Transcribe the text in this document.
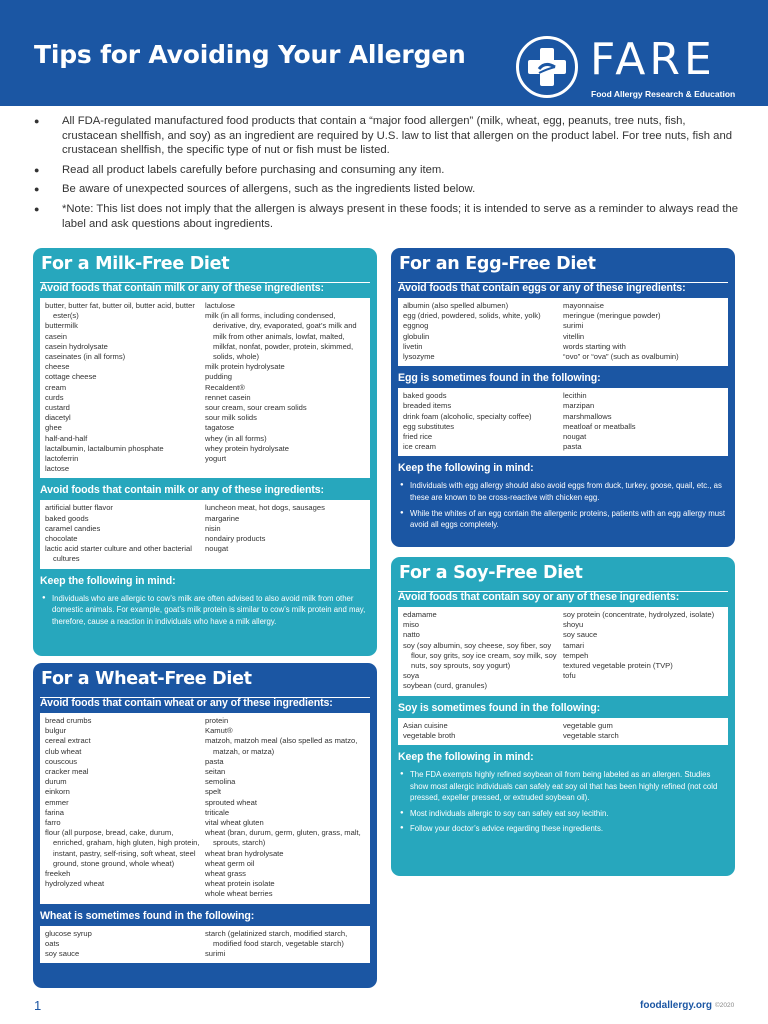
Tips for Avoiding Your Allergen	FARE
Food Allergy Research & Education
● All FDA-regulated manufactured food products that contain a “major food allergen” (milk, wheat, egg, peanuts, tree nuts, fish, crustacean shellfish, and soy) as an ingredient are required by U.S. law to list that allergen on the product label. For tree nuts, fish and crustacean shellfish, the specific type of nut or fish must be listed.
● Read all product labels carefully before purchasing and consuming any item.
● Be aware of unexpected sources of allergens, such as the ingredients listed below.
● *Note: This list does not imply that the allergen is always present in these foods; it is intended to serve as a reminder to always read the label and ask questions about ingredients.
For a Milk-Free Diet
Avoid foods that contain milk or any of these ingredients:
butter, butter fat, butter oil, butter acid, butter ester(s)
buttermilk
casein
casein hydrolysate
caseinates (in all forms)
cheese
cottage cheese
cream
curds
custard
diacetyl
ghee
half-and-half
lactalbumin, lactalbumin phosphate
lactoferrin
lactose
lactulose
milk (in all forms, including condensed, derivative, dry, evaporated, goat’s milk and milk from other animals, lowfat, malted, milkfat, nonfat, powder, protein, skimmed, solids, whole)
milk protein hydrolysate
pudding
Recaldent®
rennet casein
sour cream, sour cream solids
sour milk solids
tagatose
whey (in all forms)
whey protein hydrolysate
yogurt
Avoid foods that contain milk or any of these ingredients:
artificial butter flavor
baked goods
caramel candies
chocolate
lactic acid starter culture and other bacterial cultures
luncheon meat, hot dogs, sausages
margarine
nisin
nondairy products
nougat
Keep the following in mind:
● Individuals who are allergic to cow’s milk are often advised to also avoid milk from other domestic animals. For example, goat’s milk protein is similar to cow’s milk protein and may, therefore, cause a reaction in individuals who have a milk allergy.
For a Wheat-Free Diet
Avoid foods that contain wheat or any of these ingredients:
bread crumbs
bulgur
cereal extract
club wheat
couscous
cracker meal
durum
einkorn
emmer
farina
farro
flour (all purpose, bread, cake, durum, enriched, graham, high gluten, high protein, instant, pastry, self-rising, soft wheat, steel ground, stone ground, whole wheat)
freekeh
hydrolyzed wheat
protein
Kamut®
matzoh, matzoh meal (also spelled as matzo, matzah, or matza)
pasta
seitan
semolina
spelt
sprouted wheat
triticale
vital wheat gluten
wheat (bran, durum, germ, gluten, grass, malt, sprouts, starch)
wheat bran hydrolysate
wheat germ oil
wheat grass
wheat protein isolate
whole wheat berries
Wheat is sometimes found in the following:
glucose syrup
oats
soy sauce
starch (gelatinized starch, modified starch, modified food starch, vegetable starch)
surimi
For an Egg-Free Diet
Avoid foods that contain eggs or any of these ingredients:
albumin (also spelled albumen)
egg (dried, powdered, solids, white, yolk)
eggnog
globulin
livetin
lysozyme
mayonnaise
meringue (meringue powder)
surimi
vitellin
words starting with
“ovo” or “ova” (such as ovalbumin)
Egg is sometimes found in the following:
baked goods
breaded items
drink foam (alcoholic, specialty coffee)
egg substitutes
fried rice
ice cream
lecithin
marzipan
marshmallows
meatloaf or meatballs
nougat
pasta
Keep the following in mind:
● Individuals with egg allergy should also avoid eggs from duck, turkey, goose, quail, etc., as these are known to be cross-reactive with chicken egg.
● While the whites of an egg contain the allergenic proteins, patients with an egg allergy must avoid all eggs completely.
For a Soy-Free Diet
Avoid foods that contain soy or any of these ingredients:
edamame
miso
natto
soy (soy albumin, soy cheese, soy fiber, soy flour, soy grits, soy ice cream, soy milk, soy nuts, soy sprouts, soy yogurt)
soya
soybean (curd, granules)
soy protein (concentrate, hydrolyzed, isolate)
shoyu
soy sauce
tamari
tempeh
textured vegetable protein (TVP)
tofu
Soy is sometimes found in the following:
Asian cuisine
vegetable broth
vegetable gum
vegetable starch
Keep the following in mind:
● The FDA exempts highly refined soybean oil from being labeled as an allergen. Studies show most allergic individuals can safely eat soy oil that has been highly refined (not cold pressed, expeller pressed, or extruded soybean oil).
● Most individuals allergic to soy can safely eat soy lecithin.
● Follow your doctor’s advice regarding these ingredients.
1	foodallergy.org ©2020
